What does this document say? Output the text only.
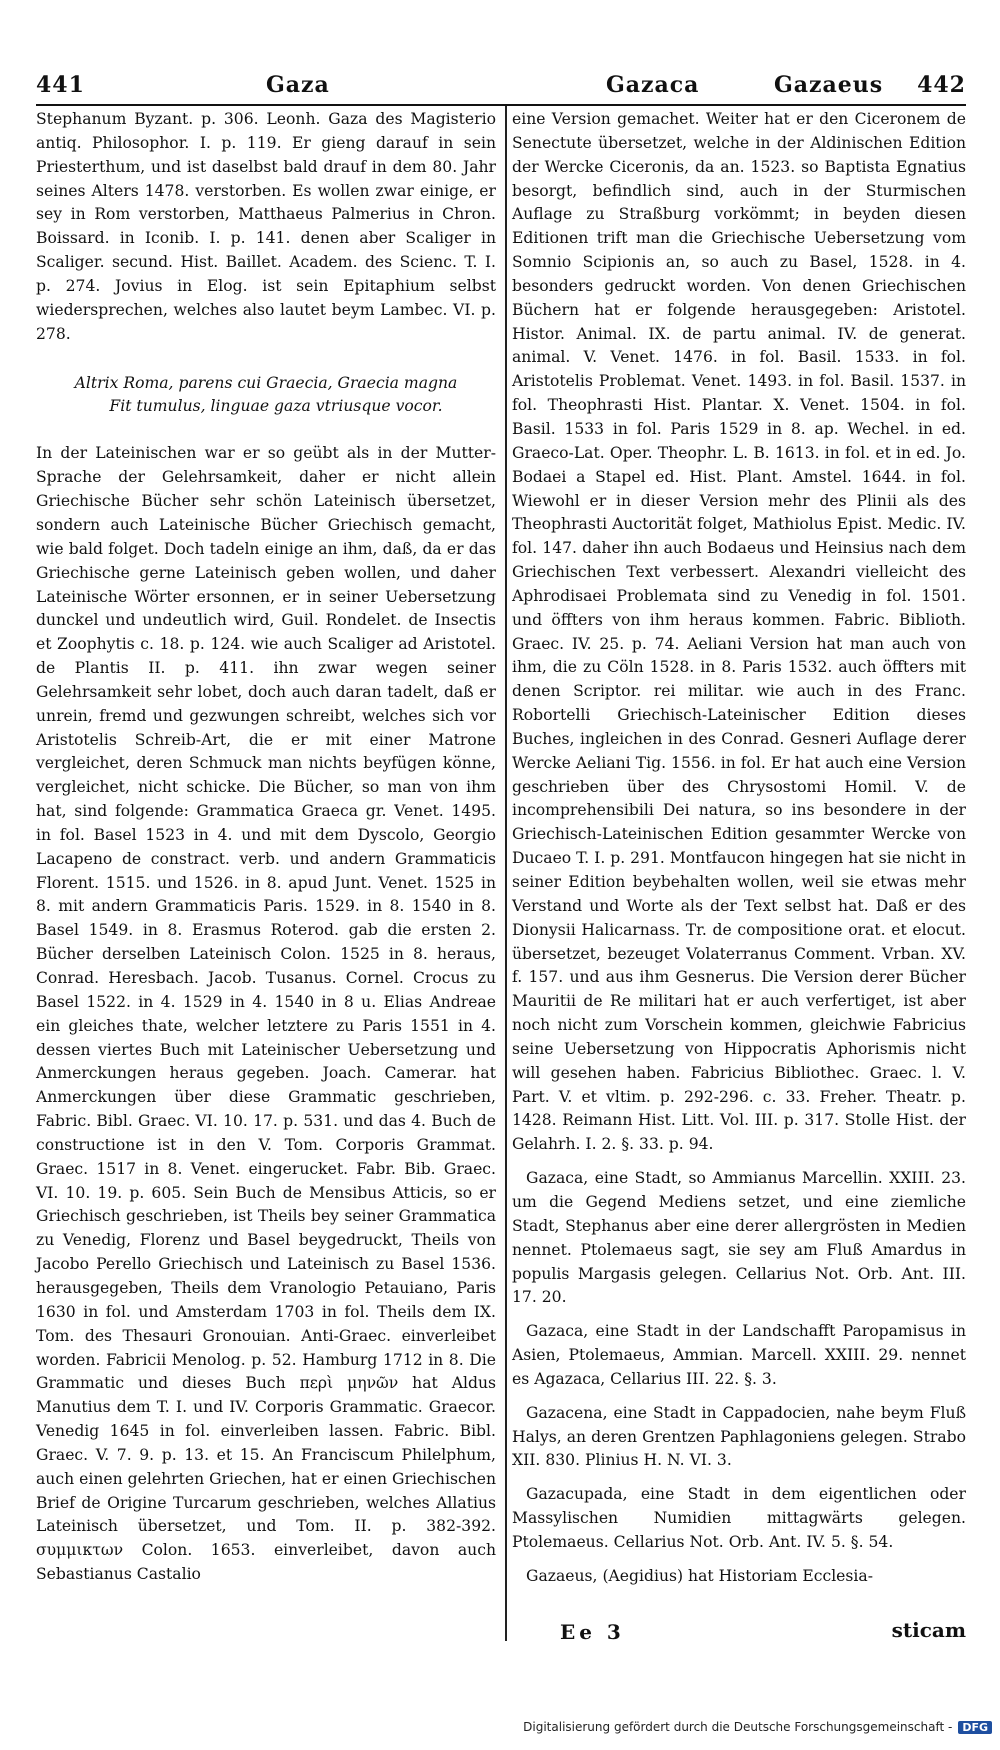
441	Gaza	Gazaca	Gazaeus 442

Stephanum Byzant. p. 306. Leonh. Gaza des Magisterio antiq. Philosophor. I. p. 119. Er gieng darauf in sein Priesterthum, und ist daselbst bald drauf in dem 80. Jahr seines Alters 1478. verstorben. Es wollen zwar einige, er sey in Rom verstorben, Matthaeus Palmerius in Chron. Boissard. in Iconib. I. p. 141. denen aber Scaliger in Scaliger. secund. Hist. Baillet. Academ. des Scienc. T. I. p. 274. Jovius in Elog. ist sein Epitaphium selbst wiedersprechen, welches also lautet beym Lambec. VI. p. 278.

Altrix Roma, parens cui Graecia, Graecia magna
Fit tumulus, linguae gaza vtriusque vocor.

In der Lateinischen war er so geübt als in der Mutter-Sprache der Gelehrsamkeit, daher er nicht allein Griechische Bücher sehr schön Lateinisch übersetzet, sondern auch Lateinische Bücher Griechisch gemacht, wie bald folget. Doch tadeln einige an ihm, daß, da er das Griechische gerne Lateinisch geben wollen, und daher Lateinische Wörter ersonnen, er in seiner Uebersetzung dunckel und undeutlich wird, Guil. Rondelet. de Insectis et Zoophytis c. 18. p. 124. wie auch Scaliger ad Aristotel. de Plantis II. p. 411. ihn zwar wegen seiner Gelehrsamkeit sehr lobet, doch auch daran tadelt, daß er unrein, fremd und gezwungen schreibt, welches sich vor Aristotelis Schreib-Art, die er mit einer Matrone vergleichet, deren Schmuck man nichts beyfügen könne, vergleichet, nicht schicke. Die Bücher, so man von ihm hat, sind folgende: Grammatica Graeca gr. Venet. 1495. in fol. Basel 1523 in 4. und mit dem Dyscolo, Georgio Lacapeno de constract. verb. und andern Grammaticis Florent. 1515. und 1526. in 8. apud Junt. Venet. 1525 in 8. mit andern Grammaticis Paris. 1529. in 8. 1540 in 8. Basel 1549. in 8. Erasmus Roterod. gab die ersten 2. Bücher derselben Lateinisch Colon. 1525 in 8. heraus, Conrad. Heresbach. Jacob. Tusanus. Cornel. Crocus zu Basel 1522. in 4. 1529 in 4. 1540 in 8 u. Elias Andreae ein gleiches thate, welcher letztere zu Paris 1551 in 4. dessen viertes Buch mit Lateinischer Uebersetzung und Anmerckungen heraus gegeben. Joach. Camerar. hat Anmerckungen über diese Grammatic geschrieben, Fabric. Bibl. Graec. VI. 10. 17. p. 531. und das 4. Buch de constructione ist in den V. Tom. Corporis Grammat. Graec. 1517 in 8. Venet. eingerucket. Fabr. Bib. Graec. VI. 10. 19. p. 605. Sein Buch de Mensibus Atticis, so er Griechisch geschrieben, ist Theils bey seiner Grammatica zu Venedig, Florenz und Basel beygedruckt, Theils von Jacobo Perello Griechisch und Lateinisch zu Basel 1536. herausgegeben, Theils dem Vranologio Petauiano, Paris 1630 in fol. und Amsterdam 1703 in fol. Theils dem IX. Tom. des Thesauri Gronouian. Anti-Graec. einverleibet worden. Fabricii Menolog. p. 52. Hamburg 1712 in 8. Die Grammatic und dieses Buch περὶ μηνῶν hat Aldus Manutius dem T. I. und IV. Corporis Grammatic. Graecor. Venedig 1645 in fol. einverleiben lassen. Fabric. Bibl. Graec. V. 7. 9. p. 13. et 15. An Franciscum Philelphum, auch einen gelehrten Griechen, hat er einen Griechischen Brief de Origine Turcarum geschrieben, welches Allatius Lateinisch übersetzet, und Tom. II. p. 382-392. συμμικτων Colon. 1653. einverleibet, davon auch Sebastianus Castalio

eine Version gemachet. Weiter hat er den Ciceronem de Senectute übersetzet, welche in der Aldinischen Edition der Wercke Ciceronis, da an. 1523. so Baptista Egnatius besorgt, befindlich sind, auch in der Sturmischen Auflage zu Straßburg vorkömmt; in beyden diesen Editionen trift man die Griechische Uebersetzung vom Somnio Scipionis an, so auch zu Basel, 1528. in 4. besonders gedruckt worden. Von denen Griechischen Büchern hat er folgende herausgegeben: Aristotel. Histor. Animal. IX. de partu animal. IV. de generat. animal. V. Venet. 1476. in fol. Basil. 1533. in fol. Aristotelis Problemat. Venet. 1493. in fol. Basil. 1537. in fol. Theophrasti Hist. Plantar. X. Venet. 1504. in fol. Basil. 1533 in fol. Paris 1529 in 8. ap. Wechel. in ed. Graeco-Lat. Oper. Theophr. L. B. 1613. in fol. et in ed. Jo. Bodaei a Stapel ed. Hist. Plant. Amstel. 1644. in fol. Wiewohl er in dieser Version mehr des Plinii als des Theophrasti Auctorität folget, Mathiolus Epist. Medic. IV. fol. 147. daher ihn auch Bodaeus und Heinsius nach dem Griechischen Text verbessert. Alexandri vielleicht des Aphrodisaei Problemata sind zu Venedig in fol. 1501. und öffters von ihm heraus kommen. Fabric. Biblioth. Graec. IV. 25. p. 74. Aeliani Version hat man auch von ihm, die zu Cöln 1528. in 8. Paris 1532. auch öffters mit denen Scriptor. rei militar. wie auch in des Franc. Robortelli Griechisch-Lateinischer Edition dieses Buches, ingleichen in des Conrad. Gesneri Auflage derer Wercke Aeliani Tig. 1556. in fol. Er hat auch eine Version geschrieben über des Chrysostomi Homil. V. de incomprehensibili Dei natura, so ins besondere in der Griechisch-Lateinischen Edition gesammter Wercke von Ducaeo T. I. p. 291. Montfaucon hingegen hat sie nicht in seiner Edition beybehalten wollen, weil sie etwas mehr Verstand und Worte als der Text selbst hat. Daß er des Dionysii Halicarnass. Tr. de compositione orat. et elocut. übersetzet, bezeuget Volaterranus Comment. Vrban. XV. f. 157. und aus ihm Gesnerus. Die Version derer Bücher Mauritii de Re militari hat er auch verfertiget, ist aber noch nicht zum Vorschein kommen, gleichwie Fabricius seine Uebersetzung von Hippocratis Aphorismis nicht will gesehen haben. Fabricius Bibliothec. Graec. l. V. Part. V. et vltim. p. 292-296. c. 33. Freher. Theatr. p. 1428. Reimann Hist. Litt. Vol. III. p. 317. Stolle Hist. der Gelahrh. I. 2. §. 33. p. 94.

Gazaca, eine Stadt, so Ammianus Marcellin. XXIII. 23. um die Gegend Mediens setzet, und eine ziemliche Stadt, Stephanus aber eine derer allergrösten in Medien nennet. Ptolemaeus sagt, sie sey am Fluß Amardus in populis Margasis gelegen. Cellarius Not. Orb. Ant. III. 17. 20.

Gazaca, eine Stadt in der Landschafft Paropamisus in Asien, Ptolemaeus, Ammian. Marcell. XXIII. 29. nennet es Agazaca, Cellarius III. 22. §. 3.

Gazacena, eine Stadt in Cappadocien, nahe beym Fluß Halys, an deren Grentzen Paphlagoniens gelegen. Strabo XII. 830. Plinius H. N. VI. 3.

Gazacupada, eine Stadt in dem eigentlichen oder Massylischen Numidien mittagwärts gelegen. Ptolemaeus. Cellarius Not. Orb. Ant. IV. 5. §. 54.

Gazaeus, (Aegidius) hat Historiam Ecclesia-

Ee 3	sticam
Digitalisierung gefördert durch die Deutsche Forschungsgemeinschaft - DFG
